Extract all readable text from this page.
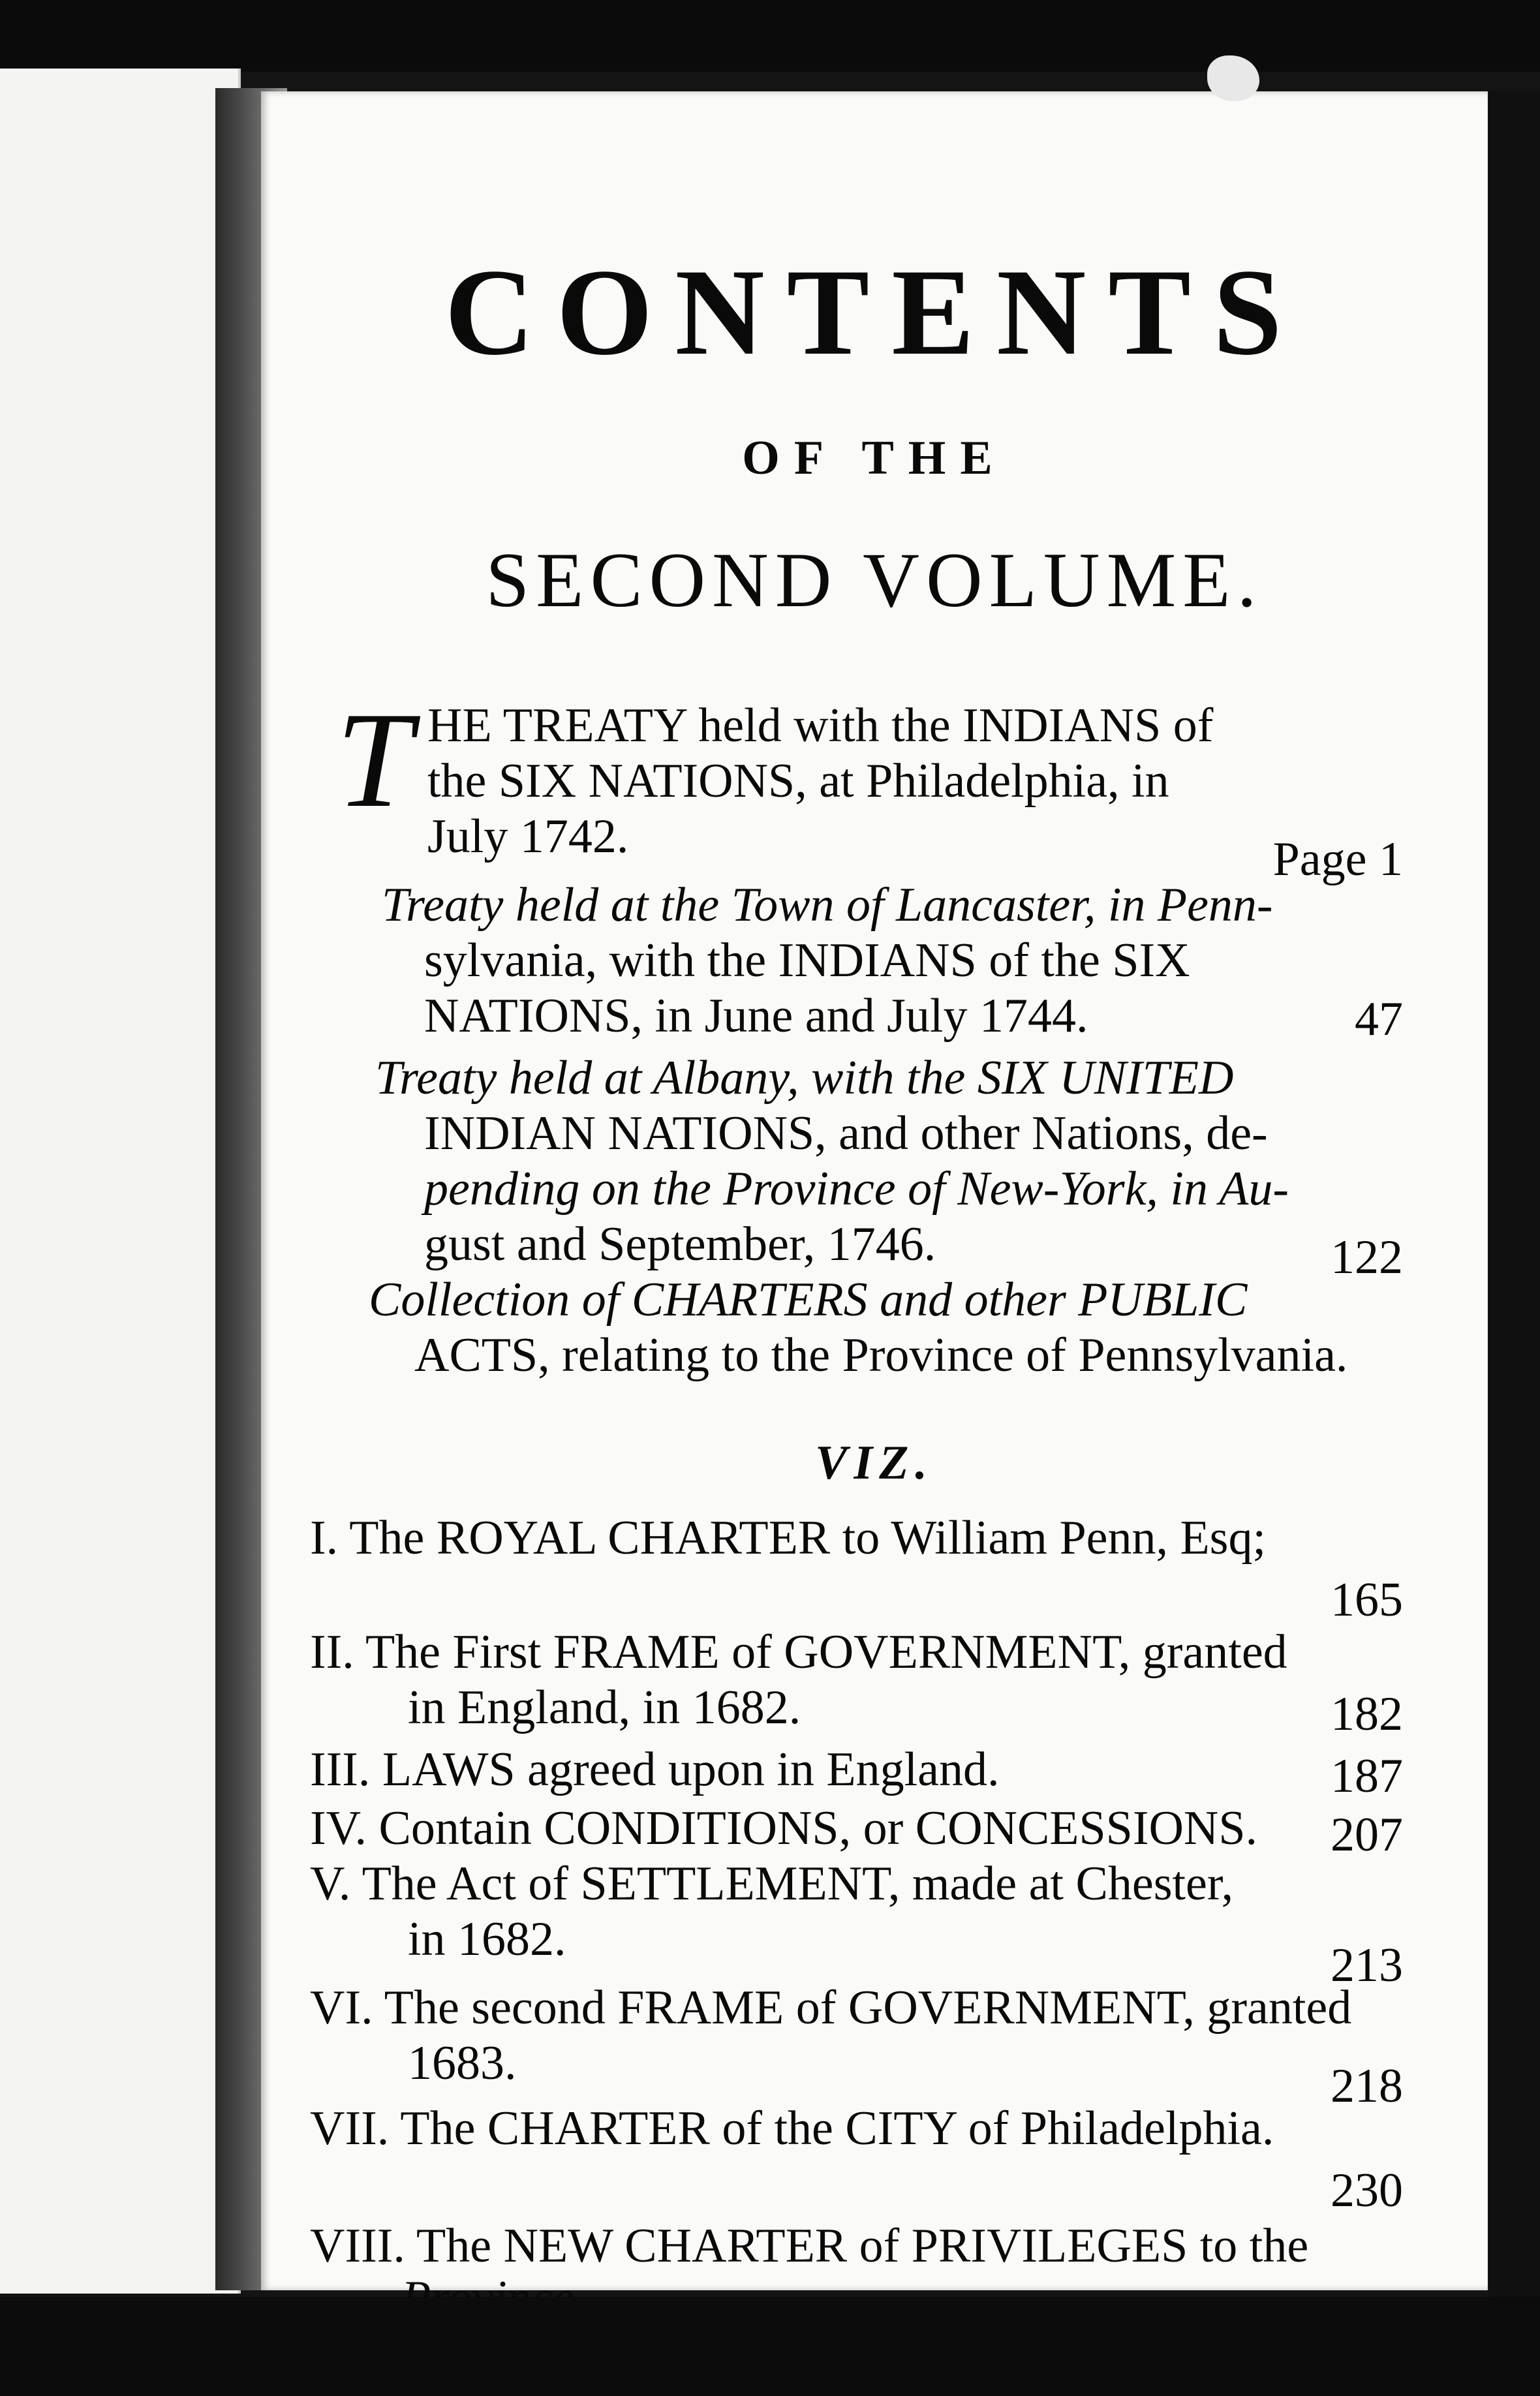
CONTENTS
OF THE
SECOND VOLUME.
T HE TREATY held with the INDIANS of
the SIX NATIONS, at Philadelphia, in
July 1742.	Page 1
Treaty held at the Town of Lancaster, in Penn-
sylvania, with the INDIANS of the SIX
NATIONS, in June and July 1744.	47
Treaty held at Albany, with the SIX UNITED
INDIAN NATIONS, and other Nations, de-
pending on the Province of New-York, in Au-
gust and September, 1746.	122
Collection of CHARTERS and other PUBLIC
ACTS, relating to the Province of Pennsylvania.
VIZ.
I. The ROYAL CHARTER to William Penn, Esq;
165
II. The First FRAME of GOVERNMENT, granted
in England, in 1682.	182
III. LAWS agreed upon in England.	187
IV. Contain CONDITIONS, or CONCESSIONS. 207
V. The Act of SETTLEMENT, made at Chester,
in 1682.	213
VI. The second FRAME of GOVERNMENT, granted
1683.	218
VII. The CHARTER of the CITY of Philadelphia.
230
VIII. The NEW CHARTER of PRIVILEGES to the
